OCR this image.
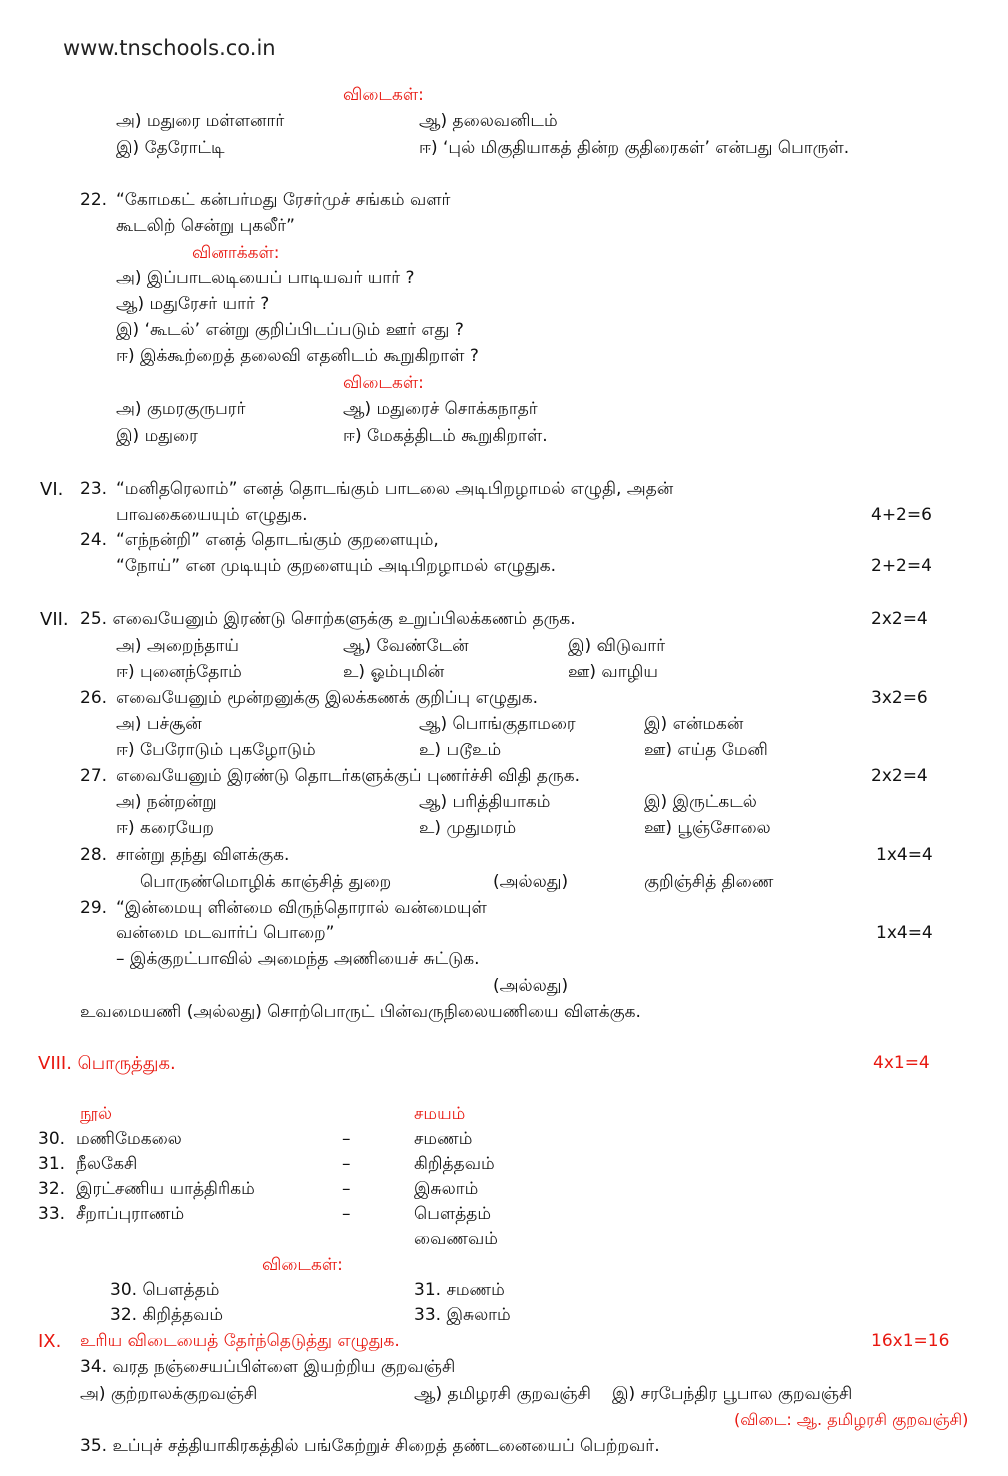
www.tnschools.co.in
விடைகள்:
அ) மதுரை மள்ளனார்	ஆ) தலைவனிடம்
இ) தேரோட்டி	ஈ) ‘புல் மிகுதியாகத் தின்ற குதிரைகள்’ என்பது பொருள்.
22. “கோமகட் கன்பர்மது ரேசர்முச் சங்கம் வளர்
கூடலிற் சென்று புகலீர்”
வினாக்கள்:
அ) இப்பாடலடியைப் பாடியவர் யார் ?
ஆ) மதுரேசர் யார் ?
இ) ‘கூடல்’ என்று குறிப்பிடப்படும் ஊர் எது ?
ஈ) இக்கூற்றைத் தலைவி எதனிடம் கூறுகிறாள் ?
விடைகள்:
அ) குமரகுருபரர்	ஆ) மதுரைச் சொக்கநாதர்
இ) மதுரை	ஈ) மேகத்திடம் கூறுகிறாள்.
VI. 23. “மனிதரெலாம்” எனத் தொடங்கும் பாடலை அடிபிறழாமல் எழுதி, அதன்
பாவகையையும் எழுதுக.	4+2=6
24. “எந்நன்றி” எனத் தொடங்கும் குறளையும்,
“நோய்” என முடியும் குறளையும் அடிபிறழாமல் எழுதுக.	2+2=4
VII. 25. எவையேனும் இரண்டு சொற்களுக்கு உறுப்பிலக்கணம் தருக.	2x2=4
அ) அறைந்தாய்	ஆ) வேண்டேன்	இ) விடுவார்
ஈ) புனைந்தோம்	உ) ஓம்புமின்	ஊ) வாழிய
26. எவையேனும் மூன்றனுக்கு இலக்கணக் குறிப்பு எழுதுக.	3x2=6
அ) பச்சூன்	ஆ) பொங்குதாமரை	இ) என்மகன்
ஈ) பேரோடும் புகழோடும்	உ) படூஉம்	ஊ) எய்த மேனி
27. எவையேனும் இரண்டு தொடர்களுக்குப் புணர்ச்சி விதி தருக.	2x2=4
அ) நன்றன்று	ஆ) பரித்தியாகம்	இ) இருட்கடல்
ஈ) கரையேற	உ) முதுமரம்	ஊ) பூஞ்சோலை
28. சான்று தந்து விளக்குக.	1x4=4
பொருண்மொழிக் காஞ்சித் துறை	(அல்லது)	குறிஞ்சித் திணை
29. “இன்மையு ளின்மை விருந்தொரால் வன்மையுள்
வன்மை மடவார்ப் பொறை”	1x4=4
– இக்குறட்பாவில் அமைந்த அணியைச் சுட்டுக.
(அல்லது)
உவமையணி (அல்லது) சொற்பொருட் பின்வருநிலையணியை விளக்குக.
VIII. பொருத்துக.	4x1=4
நூல்	சமயம்
30. மணிமேகலை	–	சமணம்
31. நீலகேசி	–	கிறித்தவம்
32. இரட்சணிய யாத்திரிகம்	–	இசுலாம்
33. சீறாப்புராணம்	–	பௌத்தம்
வைணவம்
விடைகள்:
30. பௌத்தம்	31. சமணம்
32. கிறித்தவம்	33. இசுலாம்
IX. உரிய விடையைத் தேர்ந்தெடுத்து எழுதுக.	16x1=16
34. வரத நஞ்சையப்பிள்ளை இயற்றிய குறவஞ்சி
அ) குற்றாலக்குறவஞ்சி	ஆ) தமிழரசி குறவஞ்சி இ) சரபேந்திர பூபால குறவஞ்சி
(விடை: ஆ. தமிழரசி குறவஞ்சி)
35. உப்புச் சத்தியாகிரகத்தில் பங்கேற்றுச் சிறைத் தண்டனையைப் பெற்றவர்.
